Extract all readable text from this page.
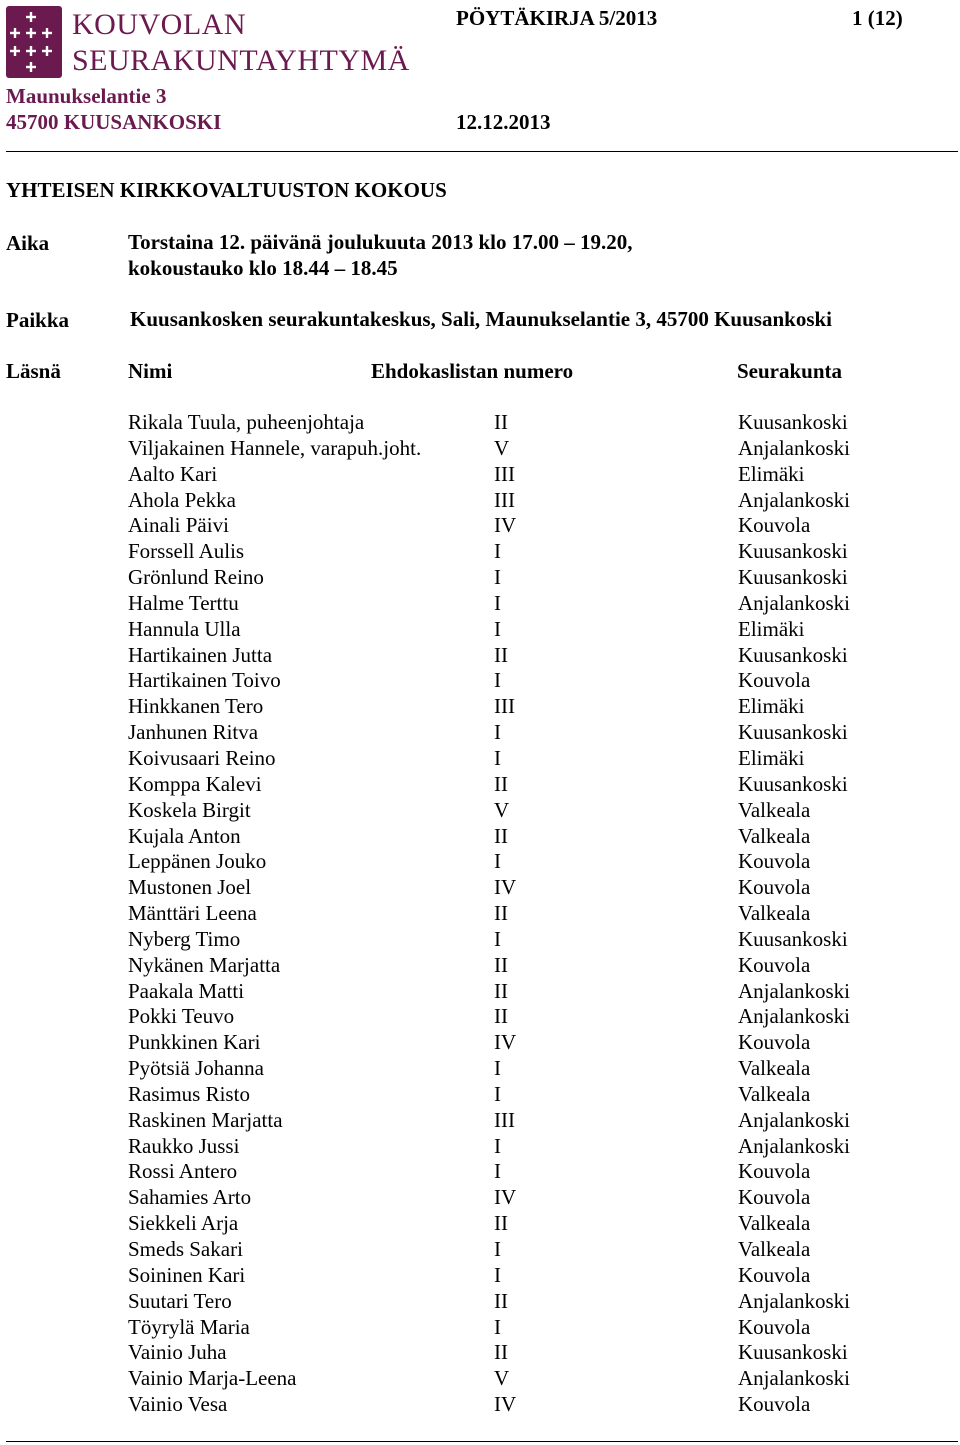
KOUVOLAN
SEURAKUNTAYHTYMÄ
Maunukselantie 3
45700 KUUSANKOSKI
PÖYTÄKIRJA 5/2013	1 (12)
12.12.2013
YHTEISEN KIRKKOVALTUUSTON KOKOUS
Aika	Torstaina 12. päivänä joulukuuta 2013 klo 17.00 – 19.20,
kokoustauko klo 18.44 – 18.45
Paikka	Kuusankosken seurakuntakeskus, Sali, Maunukselantie 3, 45700 Kuusankoski
Läsnä	Nimi	Ehdokaslistan numero	Seurakunta
Rikala Tuula, puheenjohtaja	II	Kuusankoski
Viljakainen Hannele, varapuh.joht.	V	Anjalankoski
Aalto Kari	III	Elimäki
Ahola Pekka	III	Anjalankoski
Ainali Päivi	IV	Kouvola
Forssell Aulis	I	Kuusankoski
Grönlund Reino	I	Kuusankoski
Halme Terttu	I	Anjalankoski
Hannula Ulla	I	Elimäki
Hartikainen Jutta	II	Kuusankoski
Hartikainen Toivo	I	Kouvola
Hinkkanen Tero	III	Elimäki
Janhunen Ritva	I	Kuusankoski
Koivusaari Reino	I	Elimäki
Komppa Kalevi	II	Kuusankoski
Koskela Birgit	V	Valkeala
Kujala Anton	II	Valkeala
Leppänen Jouko	I	Kouvola
Mustonen Joel	IV	Kouvola
Mänttäri Leena	II	Valkeala
Nyberg Timo	I	Kuusankoski
Nykänen Marjatta	II	Kouvola
Paakala Matti	II	Anjalankoski
Pokki Teuvo	II	Anjalankoski
Punkkinen Kari	IV	Kouvola
Pyötsiä Johanna	I	Valkeala
Rasimus Risto	I	Valkeala
Raskinen Marjatta	III	Anjalankoski
Raukko Jussi	I	Anjalankoski
Rossi Antero	I	Kouvola
Sahamies Arto	IV	Kouvola
Siekkeli Arja	II	Valkeala
Smeds Sakari	I	Valkeala
Soininen Kari	I	Kouvola
Suutari Tero	II	Anjalankoski
Töyrylä Maria	I	Kouvola
Vainio Juha	II	Kuusankoski
Vainio Marja-Leena	V	Anjalankoski
Vainio Vesa	IV	Kouvola
